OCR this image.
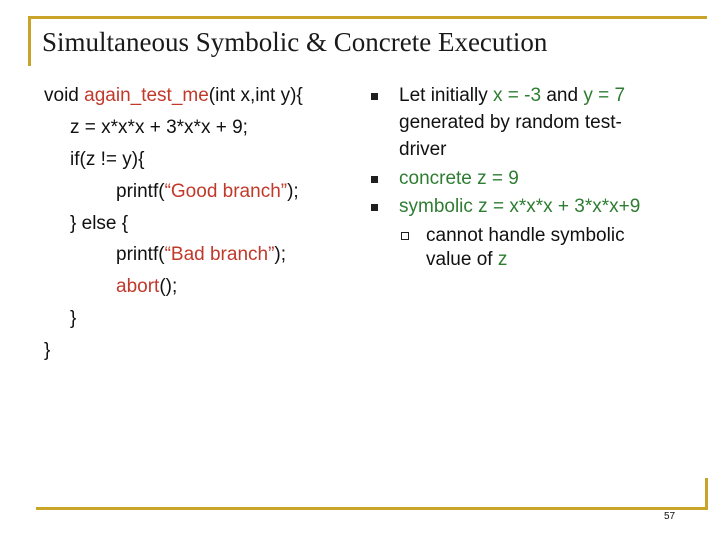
Simultaneous Symbolic & Concrete Execution
void again_test_me(int x,int y){
z = x*x*x + 3*x*x + 9;
if(z != y){
printf(“Good branch”);
} else {
printf(“Bad branch”);
abort();
}
}
Let initially x = -3 and y = 7
generated by random test-
driver
concrete z = 9
symbolic z = x*x*x + 3*x*x+9
cannot handle symbolic
value of z
57
